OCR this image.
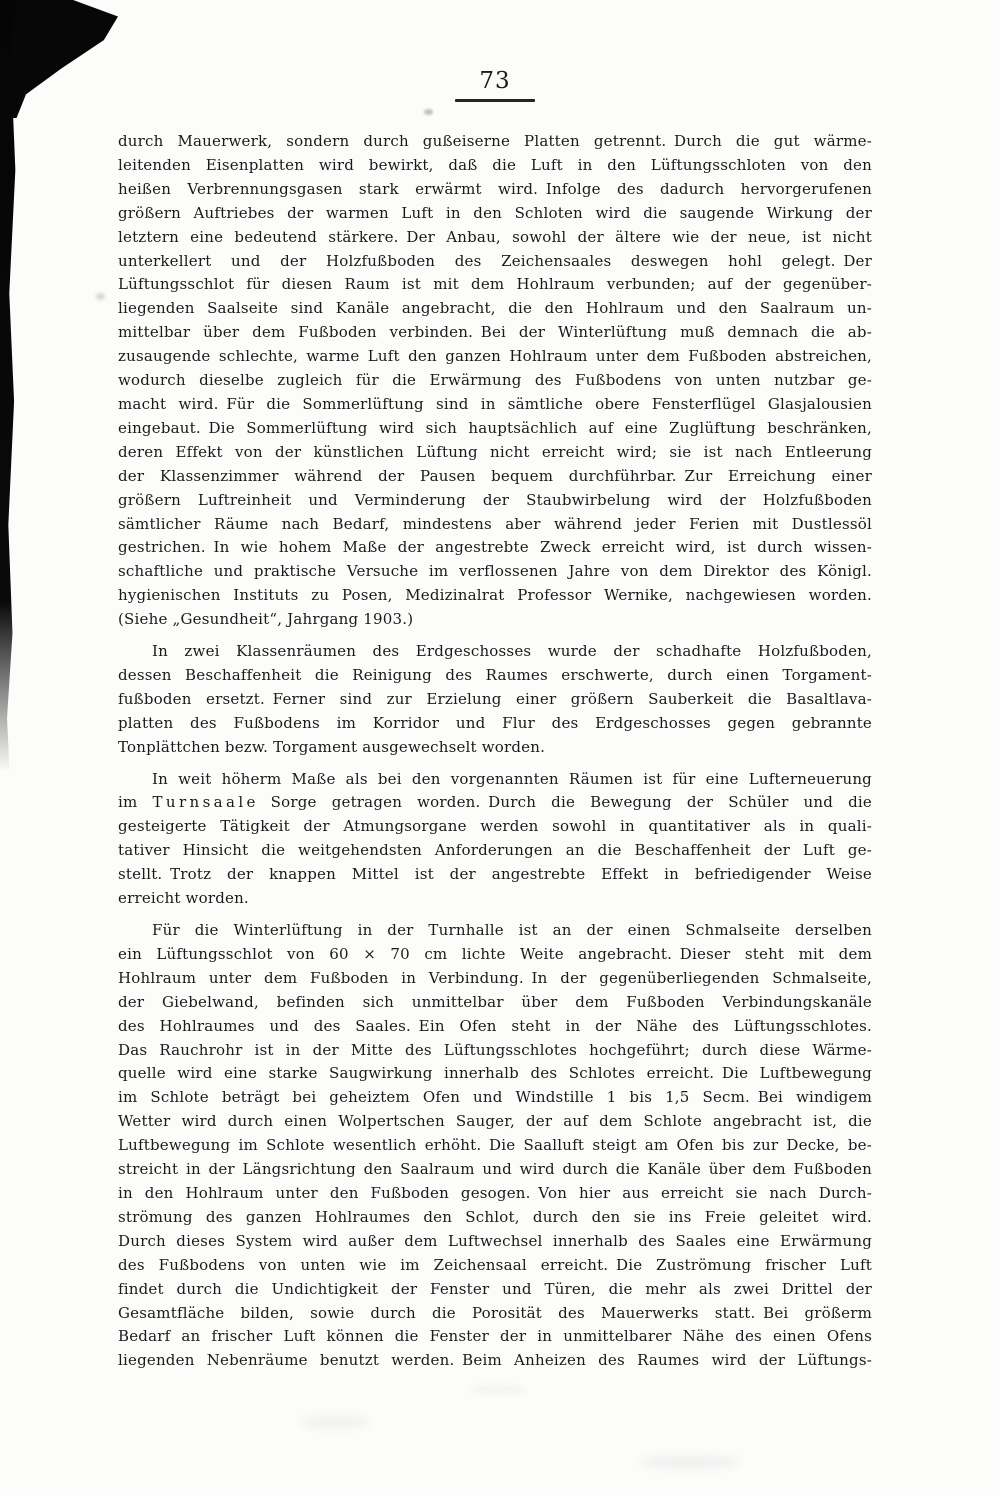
73
durch Mauerwerk, sondern durch gußeiserne Platten getrennt. Durch die gut wärme-
leitenden Eisenplatten wird bewirkt, daß die Luft in den Lüftungsschloten von den
heißen Verbrennungsgasen stark erwärmt wird. Infolge des dadurch hervorgerufenen
größern Auftriebes der warmen Luft in den Schloten wird die saugende Wirkung der
letztern eine bedeutend stärkere. Der Anbau, sowohl der ältere wie der neue, ist nicht
unterkellert und der Holzfußboden des Zeichensaales deswegen hohl gelegt. Der
Lüftungsschlot für diesen Raum ist mit dem Hohlraum verbunden; auf der gegenüber-
liegenden Saalseite sind Kanäle angebracht, die den Hohlraum und den Saalraum un-
mittelbar über dem Fußboden verbinden. Bei der Winterlüftung muß demnach die ab-
zusaugende schlechte, warme Luft den ganzen Hohlraum unter dem Fußboden abstreichen,
wodurch dieselbe zugleich für die Erwärmung des Fußbodens von unten nutzbar ge-
macht wird. Für die Sommerlüftung sind in sämtliche obere Fensterflügel Glasjalousien
eingebaut. Die Sommerlüftung wird sich hauptsächlich auf eine Zuglüftung beschränken,
deren Effekt von der künstlichen Lüftung nicht erreicht wird; sie ist nach Entleerung
der Klassenzimmer während der Pausen bequem durchführbar. Zur Erreichung einer
größern Luftreinheit und Verminderung der Staubwirbelung wird der Holzfußboden
sämtlicher Räume nach Bedarf, mindestens aber während jeder Ferien mit Dustlessöl
gestrichen. In wie hohem Maße der angestrebte Zweck erreicht wird, ist durch wissen-
schaftliche und praktische Versuche im verflossenen Jahre von dem Direktor des Königl.
hygienischen Instituts zu Posen, Medizinalrat Professor Wernike, nachgewiesen worden.
(Siehe „Gesundheit“, Jahrgang 1903.)
In zwei Klassenräumen des Erdgeschosses wurde der schadhafte Holzfußboden,
dessen Beschaffenheit die Reinigung des Raumes erschwerte, durch einen Torgament-
fußboden ersetzt. Ferner sind zur Erzielung einer größern Sauberkeit die Basaltlava-
platten des Fußbodens im Korridor und Flur des Erdgeschosses gegen gebrannte
Tonplättchen bezw. Torgament ausgewechselt worden.
In weit höherm Maße als bei den vorgenannten Räumen ist für eine Lufterneuerung
im T u r n s a a l e Sorge getragen worden. Durch die Bewegung der Schüler und die
gesteigerte Tätigkeit der Atmungsorgane werden sowohl in quantitativer als in quali-
tativer Hinsicht die weitgehendsten Anforderungen an die Beschaffenheit der Luft ge-
stellt. Trotz der knappen Mittel ist der angestrebte Effekt in befriedigender Weise
erreicht worden.
Für die Winterlüftung in der Turnhalle ist an der einen Schmalseite derselben
ein Lüftungsschlot von 60 × 70 cm lichte Weite angebracht. Dieser steht mit dem
Hohlraum unter dem Fußboden in Verbindung. In der gegenüberliegenden Schmalseite,
der Giebelwand, befinden sich unmittelbar über dem Fußboden Verbindungskanäle
des Hohlraumes und des Saales. Ein Ofen steht in der Nähe des Lüftungsschlotes.
Das Rauchrohr ist in der Mitte des Lüftungsschlotes hochgeführt; durch diese Wärme-
quelle wird eine starke Saugwirkung innerhalb des Schlotes erreicht. Die Luftbewegung
im Schlote beträgt bei geheiztem Ofen und Windstille 1 bis 1,5 Secm. Bei windigem
Wetter wird durch einen Wolpertschen Sauger, der auf dem Schlote angebracht ist, die
Luftbewegung im Schlote wesentlich erhöht. Die Saalluft steigt am Ofen bis zur Decke, be-
streicht in der Längsrichtung den Saalraum und wird durch die Kanäle über dem Fußboden
in den Hohlraum unter den Fußboden gesogen. Von hier aus erreicht sie nach Durch-
strömung des ganzen Hohlraumes den Schlot, durch den sie ins Freie geleitet wird.
Durch dieses System wird außer dem Luftwechsel innerhalb des Saales eine Erwärmung
des Fußbodens von unten wie im Zeichensaal erreicht. Die Zuströmung frischer Luft
findet durch die Undichtigkeit der Fenster und Türen, die mehr als zwei Drittel der
Gesamtfläche bilden, sowie durch die Porosität des Mauerwerks statt. Bei größerm
Bedarf an frischer Luft können die Fenster der in unmittelbarer Nähe des einen Ofens
liegenden Nebenräume benutzt werden. Beim Anheizen des Raumes wird der Lüftungs-
